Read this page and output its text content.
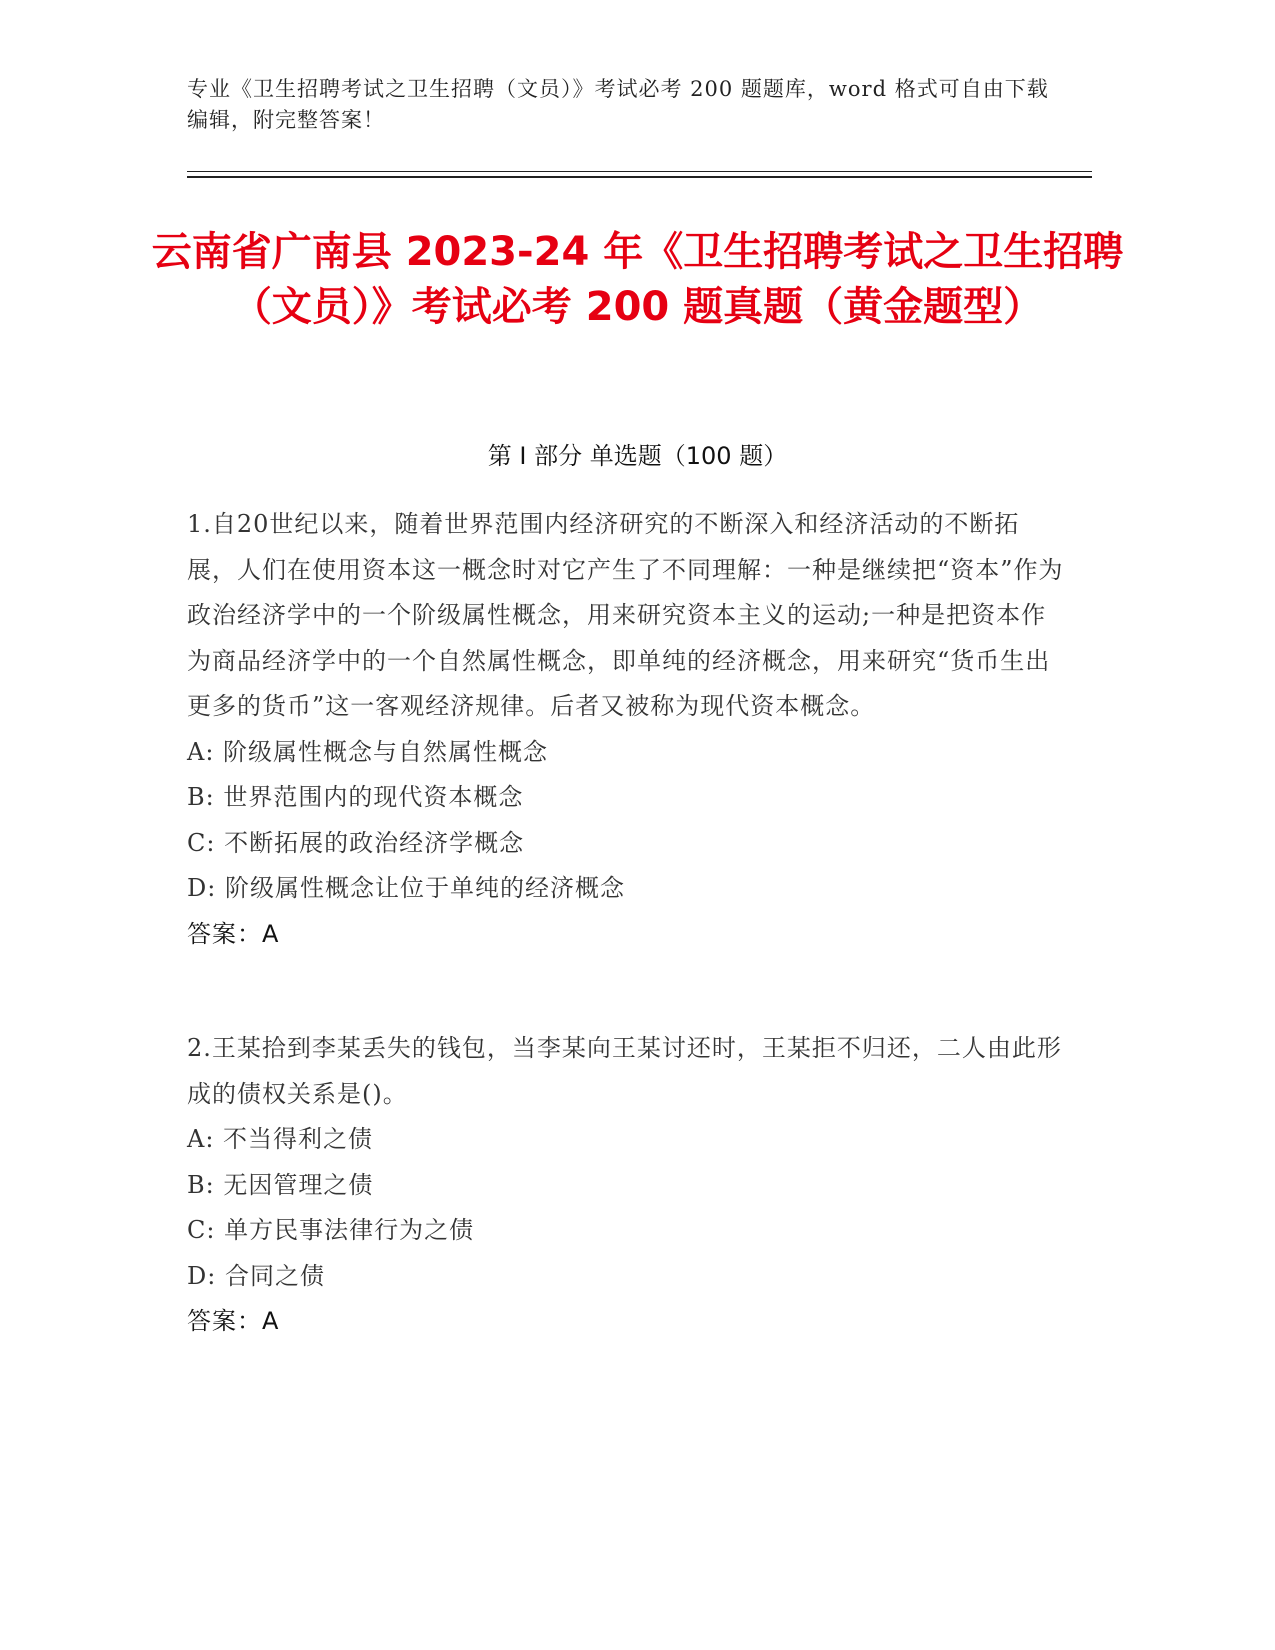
专业《卫生招聘考试之卫生招聘（文员）》考试必考 200 题题库，word 格式可自由下载编辑，附完整答案！
云南省广南县 2023-24 年《卫生招聘考试之卫生招聘（文员）》考试必考 200 题真题（黄金题型）
第 I 部分 单选题（100 题）

1.自20世纪以来，随着世界范围内经济研究的不断深入和经济活动的不断拓展，人们在使用资本这一概念时对它产生了不同理解：一种是继续把“资本”作为政治经济学中的一个阶级属性概念，用来研究资本主义的运动;一种是把资本作为商品经济学中的一个自然属性概念，即单纯的经济概念，用来研究“货币生出更多的货币”这一客观经济规律。后者又被称为现代资本概念。

A: 阶级属性概念与自然属性概念

B: 世界范围内的现代资本概念

C: 不断拓展的政治经济学概念

D: 阶级属性概念让位于单纯的经济概念

答案：A

2.王某拾到李某丢失的钱包，当李某向王某讨还时，王某拒不归还，二人由此形成的债权关系是()。

A: 不当得利之债

B: 无因管理之债

C: 单方民事法律行为之债

D: 合同之债

答案：A
